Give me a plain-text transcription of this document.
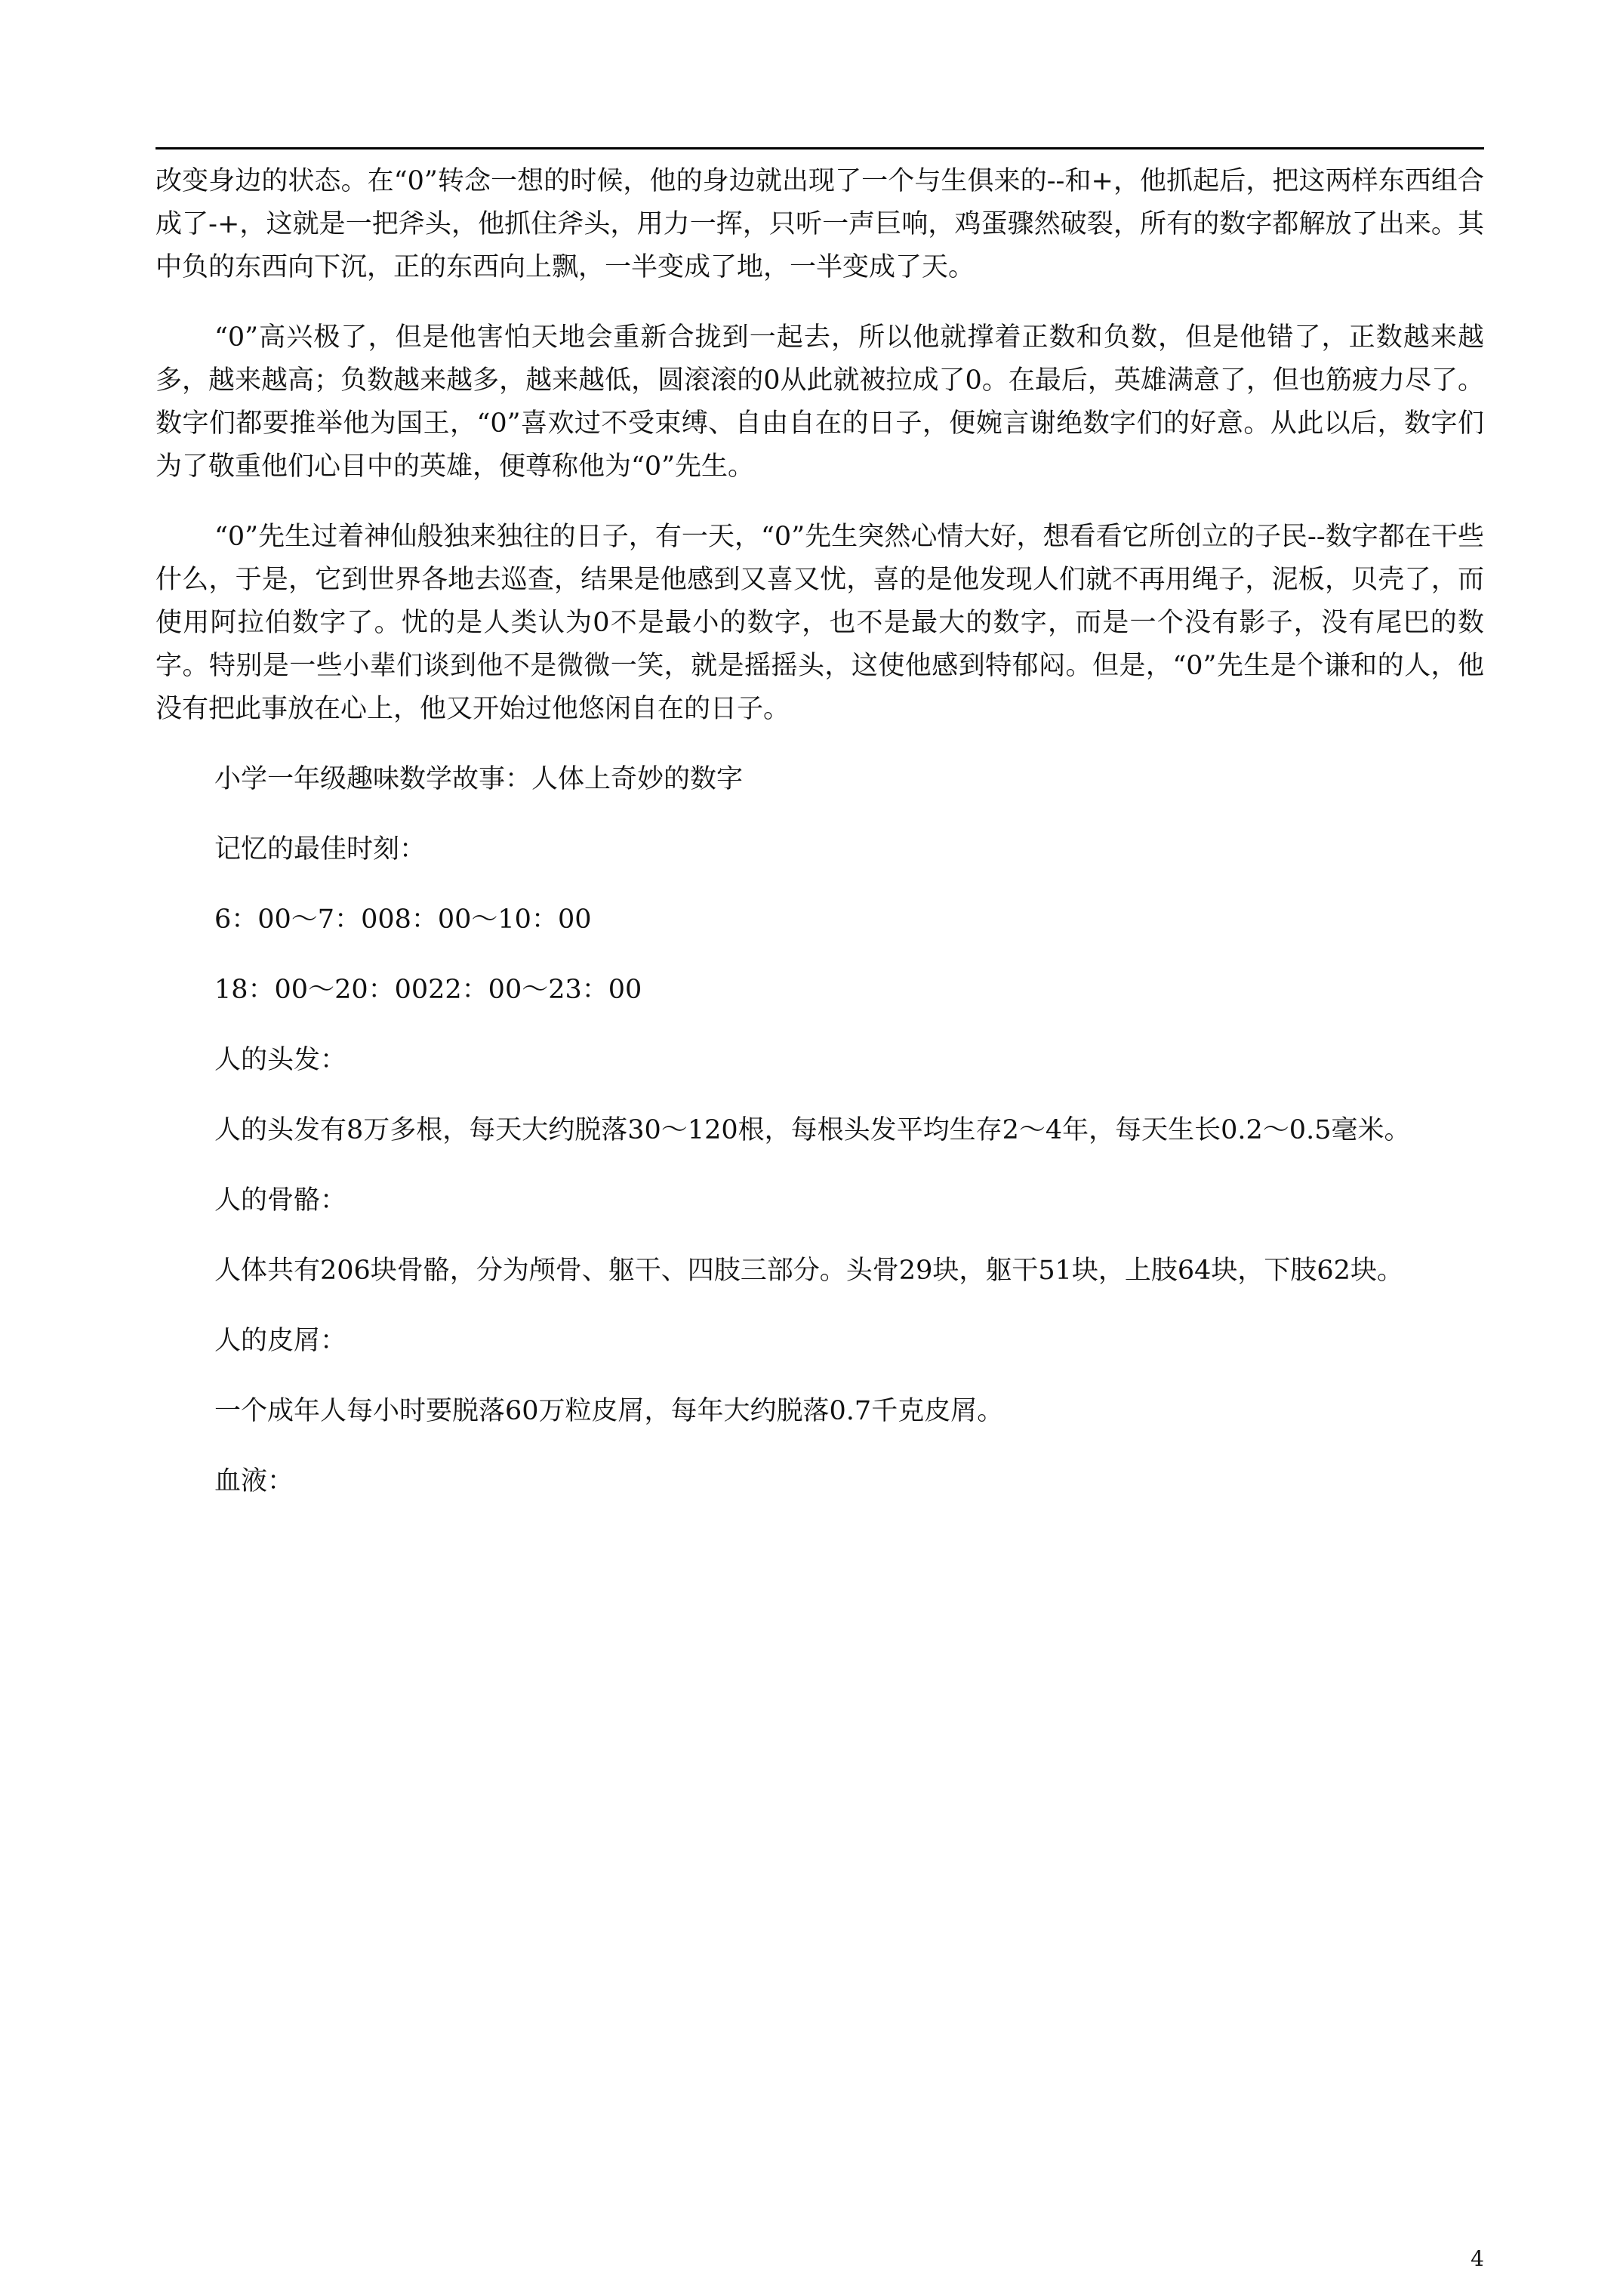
改变身边的状态。在“0”转念一想的时候，他的身边就出现了一个与生俱来的--和+，他抓起后，把这两样东西组合成了-+，这就是一把斧头，他抓住斧头，用力一挥，只听一声巨响，鸡蛋骤然破裂，所有的数字都解放了出来。其中负的东西向下沉，正的东西向上飘，一半变成了地，一半变成了天。

“0”高兴极了，但是他害怕天地会重新合拢到一起去，所以他就撑着正数和负数，但是他错了，正数越来越多，越来越高；负数越来越多，越来越低，圆滚滚的0从此就被拉成了0。在最后，英雄满意了，但也筋疲力尽了。数字们都要推举他为国王，“0”喜欢过不受束缚、自由自在的日子，便婉言谢绝数字们的好意。从此以后，数字们为了敬重他们心目中的英雄，便尊称他为“0”先生。

“0”先生过着神仙般独来独往的日子，有一天，“0”先生突然心情大好，想看看它所创立的子民--数字都在干些什么，于是，它到世界各地去巡查，结果是他感到又喜又忧，喜的是他发现人们就不再用绳子，泥板，贝壳了，而使用阿拉伯数字了。忧的是人类认为0不是最小的数字，也不是最大的数字，而是一个没有影子，没有尾巴的数字。特别是一些小辈们谈到他不是微微一笑，就是摇摇头，这使他感到特郁闷。但是，“0”先生是个谦和的人，他没有把此事放在心上，他又开始过他悠闲自在的日子。

小学一年级趣味数学故事：人体上奇妙的数字

记忆的最佳时刻：

6：00～7：008：00～10：00

18：00～20：0022：00～23：00

人的头发：

人的头发有8万多根，每天大约脱落30～120根，每根头发平均生存2～4年，每天生长0.2～0.5毫米。

人的骨骼：

人体共有206块骨骼，分为颅骨、躯干、四肢三部分。头骨29块，躯干51块，上肢64块，下肢62块。

人的皮屑：

一个成年人每小时要脱落60万粒皮屑，每年大约脱落0.7千克皮屑。

血液：

4
